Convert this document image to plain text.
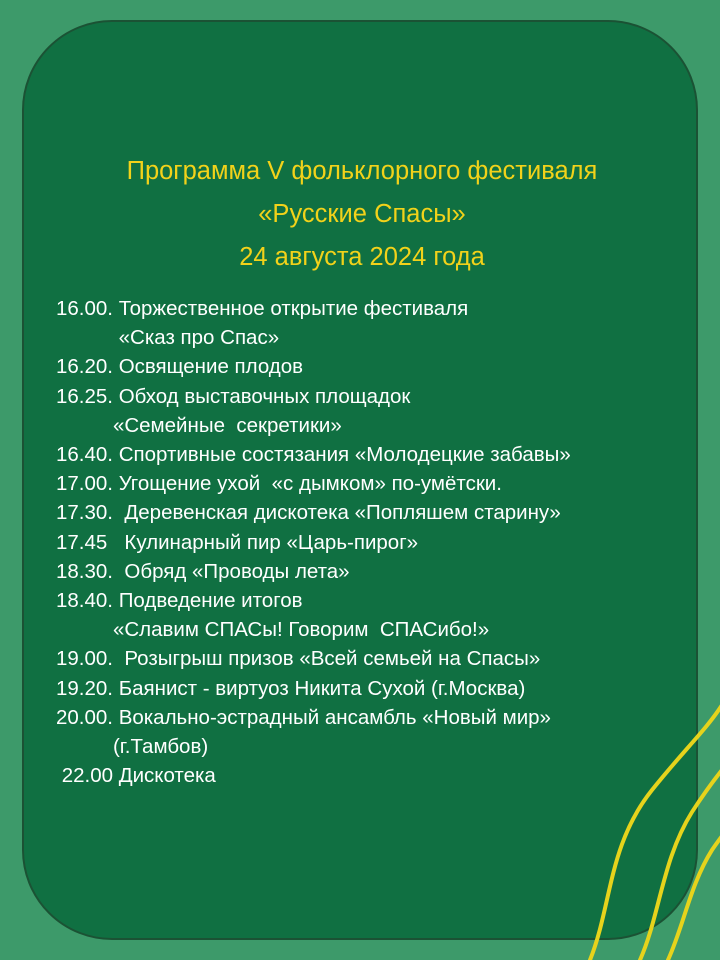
Программа V фольклорного фестиваля
«Русские Спасы»
24 августа 2024 года
16.00. Торжественное открытие фестиваля
«Сказ про Спас»
16.20. Освящение плодов
16.25. Обход выставочных площадок
«Семейные  секретики»
16.40. Спортивные состязания «Молодецкие забавы»
17.00. Угощение ухой  «с дымком» по-умётски.
17.30.  Деревенская дискотека «Попляшем старину»
17.45   Кулинарный пир «Царь-пирог»
18.30.  Обряд «Проводы лета»
18.40. Подведение итогов
«Славим СПАСы! Говорим  СПАСибо!»
19.00.  Розыгрыш призов «Всей семьей на Спасы»
19.20. Баянист - виртуоз Никита Сухой (г.Москва)
20.00. Вокально-эстрадный ансамбль «Новый мир»
(г.Тамбов)
22.00 Дискотека
